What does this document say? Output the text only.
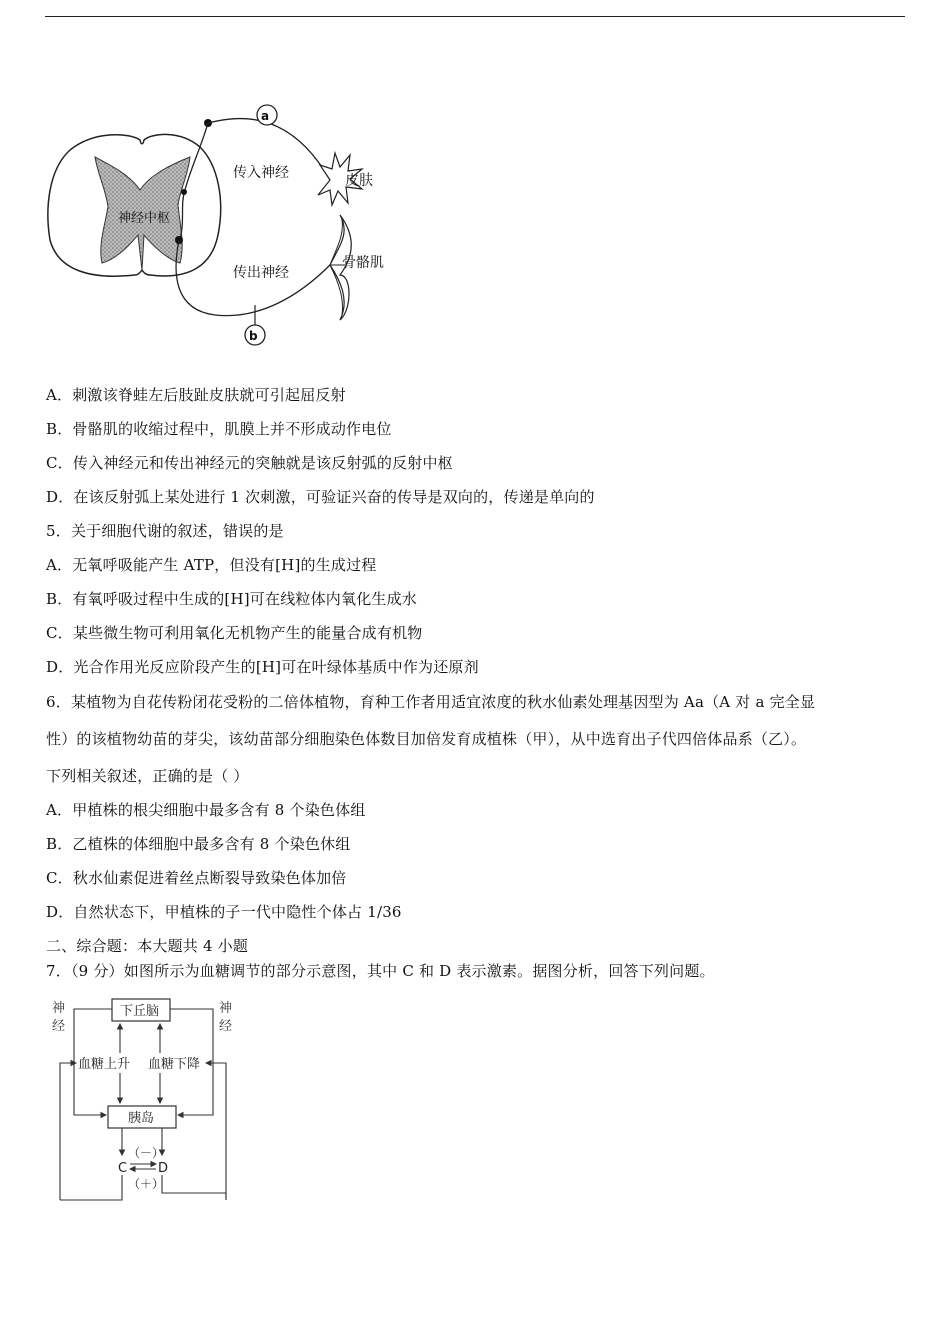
神经中枢
a
b
传入神经	皮肤
传出神经
骨骼肌
A．刺激该脊蛙左后肢趾皮肤就可引起屈反射
B．骨骼肌的收缩过程中，肌膜上并不形成动作电位
C．传入神经元和传出神经元的突触就是该反射弧的反射中枢
D．在该反射弧上某处进行 1 次刺激，可验证兴奋的传导是双向的，传递是单向的
5．关于细胞代谢的叙述，错误的是
A．无氧呼吸能产生 ATP，但没有[H]的生成过程
B．有氧呼吸过程中生成的[H]可在线粒体内氧化生成水
C．某些微生物可利用氧化无机物产生的能量合成有机物
D．光合作用光反应阶段产生的[H]可在叶绿体基质中作为还原剂
6．某植物为自花传粉闭花受粉的二倍体植物，育种工作者用适宜浓度的秋水仙素处理基因型为 Aa（A 对 a 完全显
性）的该植物幼苗的芽尖，该幼苗部分细胞染色体数目加倍发育成植株（甲），从中选育出子代四倍体品系（乙）。
下列相关叙述，正确的是（ ）
A．甲植株的根尖细胞中最多含有 8 个染色体组
B．乙植株的体细胞中最多含有 8 个染色休组
C．秋水仙素促进着丝点断裂导致染色体加倍
D．自然状态下，甲植株的子一代中隐性个体占 1/36
二、综合题：本大题共 4 小题
7．（9 分）如图所示为血糖调节的部分示意图，其中 C 和 D 表示激素。据图分析，回答下列问题。
下丘脑
神
经
神
经
血糖上升 血糖下降
胰岛
（－）
C D
（＋）
